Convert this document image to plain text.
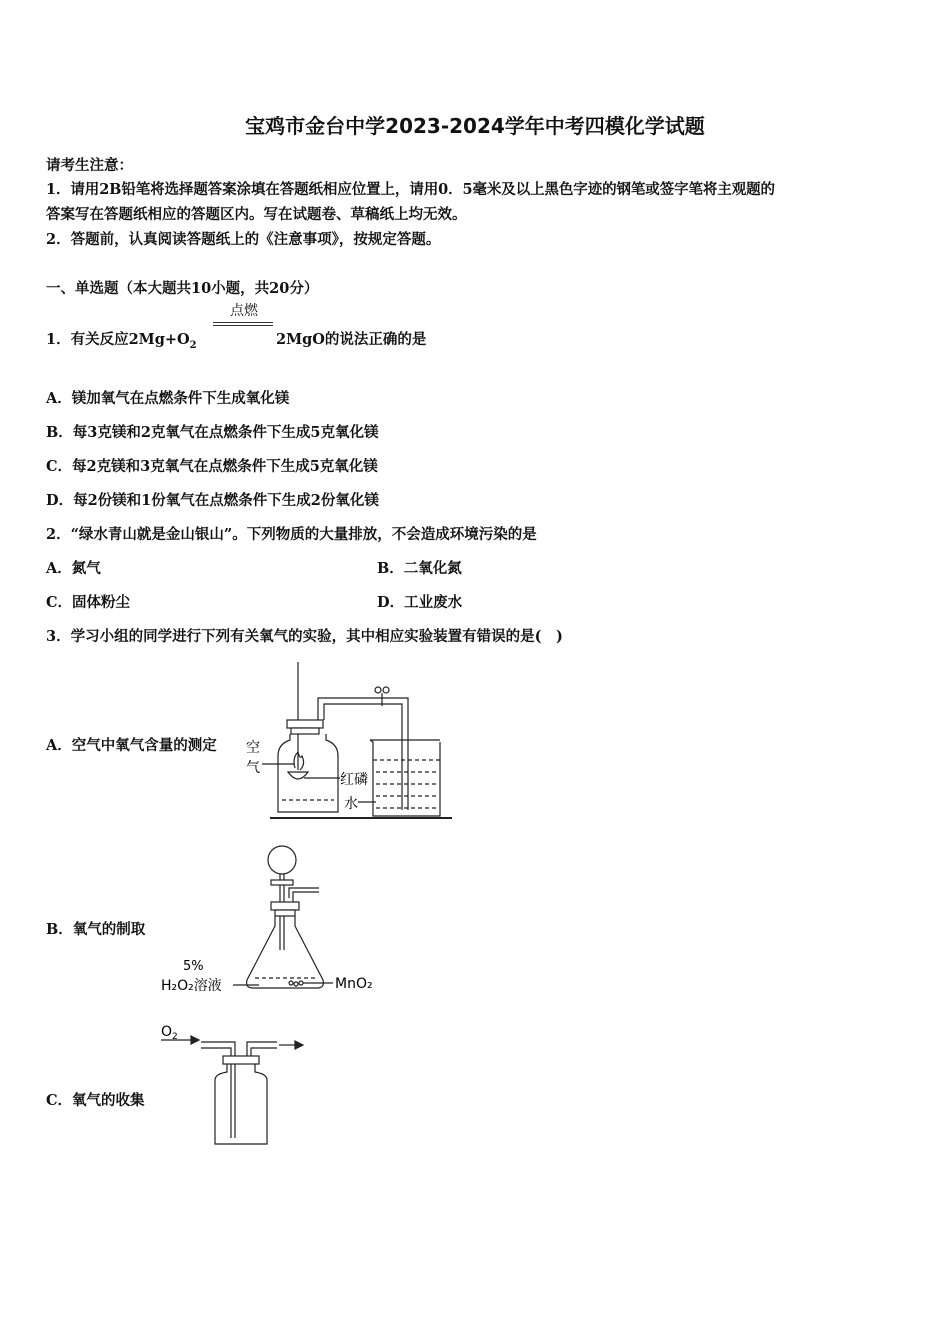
宝鸡市金台中学2023-2024学年中考四模化学试题
请考生注意：
1．请用2B铅笔将选择题答案涂填在答题纸相应位置上，请用0．5毫米及以上黑色字迹的钢笔或签字笔将主观题的
答案写在答题纸相应的答题区内。写在试题卷、草稿纸上均无效。
2．答题前，认真阅读答题纸上的《注意事项》，按规定答题。
一、单选题（本大题共10小题，共20分）
1．有关反应$2Mg+O_2$
点燃
2MgO的说法正确的是
A．镁加氧气在点燃条件下生成氧化镁
B．每3克镁和2克氧气在点燃条件下生成5克氧化镁
C．每2克镁和3克氧气在点燃条件下生成5克氧化镁
D．每2份镁和1份氧气在点燃条件下生成2份氧化镁
2．“绿水青山就是金山银山”。下列物质的大量排放，不会造成环境污染的是
A．氮气	B．二氧化氮
C．固体粉尘	D．工业废水
3．学习小组的同学进行下列有关氧气的实验，其中相应实验装置有错误的是(　)
A．空气中氧气含量的测定
B．氧气的制取
C．氧气的收集
空
气
红磷
水
5%
H₂O₂溶液	MnO₂
$O_2$
